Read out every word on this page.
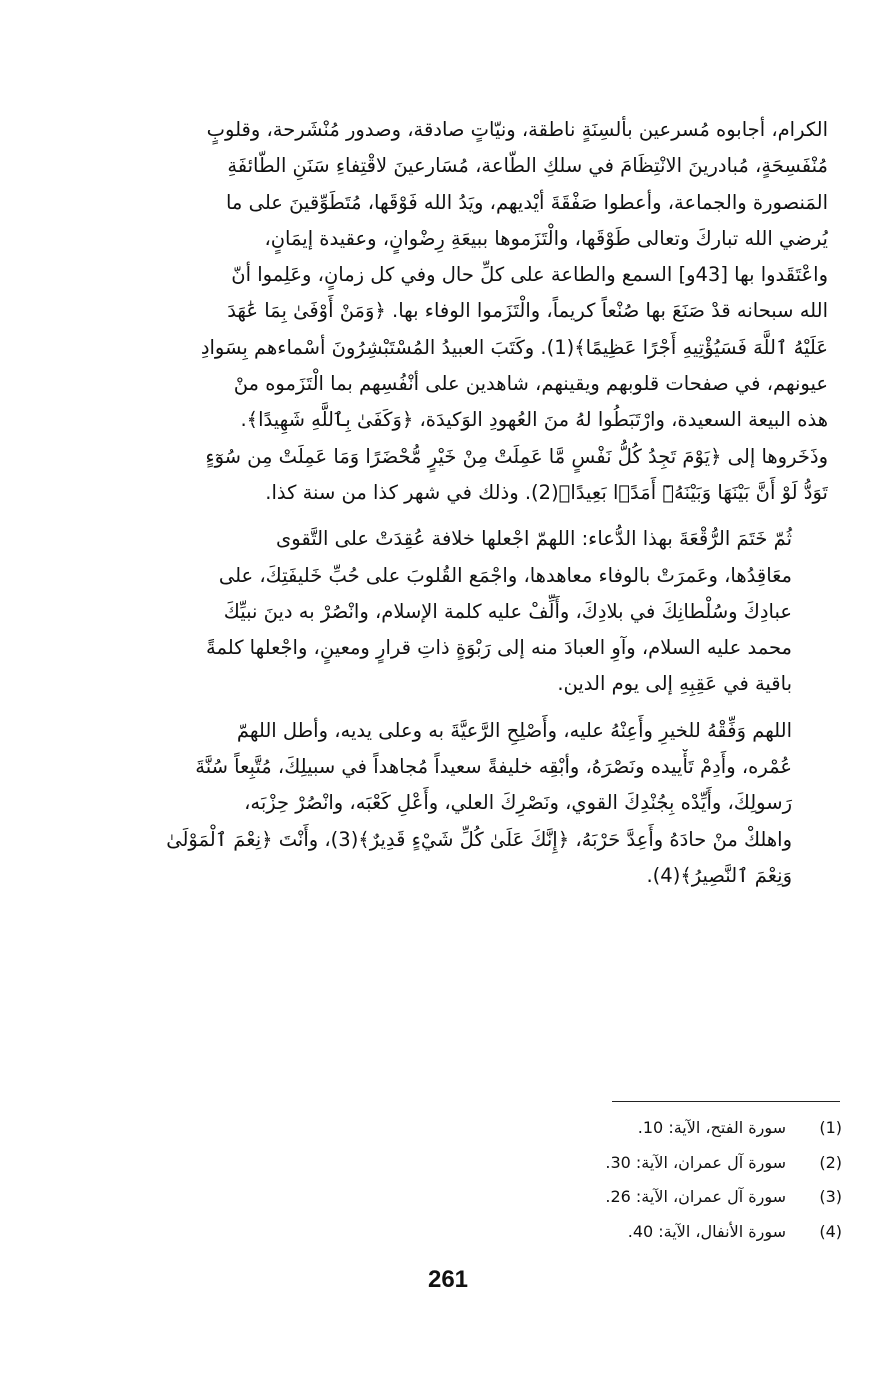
الكرام، أجابوه مُسرعين بألسِنَةٍ ناطقة، ونيّاتٍ صادقة، وصدور مُنْشَرحة، وقلوبٍ
مُنْفَسِحَةٍ، مُبادرينَ الانْتِظَامَ في سلكِ الطّاعة، مُسَارعينَ لاقْتِفاءِ سَنَنِ الطّائفَةِ
المَنصورة والجماعة، وأعطوا صَفْقَةَ أيْديهم، ويَدُ الله فَوْقَها، مُتَطَوِّقينَ على ما
يُرضي الله تباركَ وتعالى طَوْقَها، والْتَزَموها ببيعَةِ رِضْوانٍ، وعقيدة إيمَانٍ،
واعْتَقَدوا بها [43و] السمع والطاعة على كلِّ حال وفي كل زمانٍ، وعَلِموا أنّ
الله سبحانه قدْ صَنَعَ بها صُنْعاً كريماً، والْتَزَموا الوفاء بها. ﴿وَمَنْ أَوْفَىٰ بِمَا عَٰهَدَ
عَلَيْهُ ٱللَّهَ فَسَيُؤْتِيهِ أَجْرًا عَظِيمًا﴾(1). وكَتَبَ العبيدُ المُسْتَبْشِرُونَ أسْماءهم بِسَوادِ
عيونهم، في صفحات قلوبهم ويقينهم، شاهدين على أنْفُسِهم بما الْتَزَموه منْ
هذه البيعة السعيدة، وارْتَبَطُوا لهُ منَ العُهودِ الوَكيدَة، ﴿وَكَفَىٰ بِٱللَّهِ شَهِيدًا﴾.
وذَخَروها إلى ﴿يَوْمَ تَجِدُ كُلُّ نَفْسٍ مَّا عَمِلَتْ مِنْ خَيْرٍ مُّحْضَرًا وَمَا عَمِلَتْ مِن سُوٓءٍ
تَوَدُّ لَوْ أَنَّ بَيْنَهَا وَبَيْنَهُۥٓ أَمَدًۢا بَعِيدًا﴾(2). وذلك في شهر كذا من سنة كذا.

ثُمّ خَتَمَ الرُّقْعَةَ بهذا الدُّعاء: اللهمّ اجْعلها خلافة عُقِدَتْ على التَّقوى
معَاقِدُها، وعَمرَتْ بالوفاء معاهدها، واجْمَع القُلوبَ على حُبِّ خَليفَتِكَ، على
عبادِكَ وسُلْطانِكَ في بلادِكَ، وأَلِّفْ عليه كلمة الإسلام، وانْصُرْ به دينَ نبيِّكَ
محمد عليه السلام، وآوِ العبادَ منه إلى رَبْوَةٍ ذاتِ قرارٍ ومعينٍ، واجْعلها كلمةً
باقية في عَقِبِهِ إلى يوم الدين.

اللهم وَفِّقْهُ للخيرِ وأَعِنْهُ عليه، وأَصْلِحِ الرَّعيَّةَ به وعلى يديه، وأطل اللهمّ
عُمْره، وأَدِمْ تَأْييده ونَصْرَهُ، وأبْقِه خليفةً سعيداً مُجاهداً في سبيلِكَ، مُتَّبِعاً سُنَّةَ
رَسولِكَ، وأَيِّدْه بِجُنْدِكَ القوي، ونَصْرِكَ العلي، وأَعْلِ كَعْبَه، وانْصُرْ حِزْبَه،
واهلكْ منْ حادَهُ وأَعِدَّ حَرْبَهُ، ﴿إِنَّكَ عَلَىٰ كُلِّ شَيْءٍ قَدِيرٌ﴾(3)، وأَنْتَ ﴿نِعْمَ ٱلْمَوْلَىٰ
وَنِعْمَ ٱلنَّصِيرُ﴾(4).

(1)
سورة الفتح، الآية: 10.
(2)
سورة آل عمران، الآية: 30.
(3)
سورة آل عمران، الآية: 26.
(4)
سورة الأنفال، الآية: 40.
261
